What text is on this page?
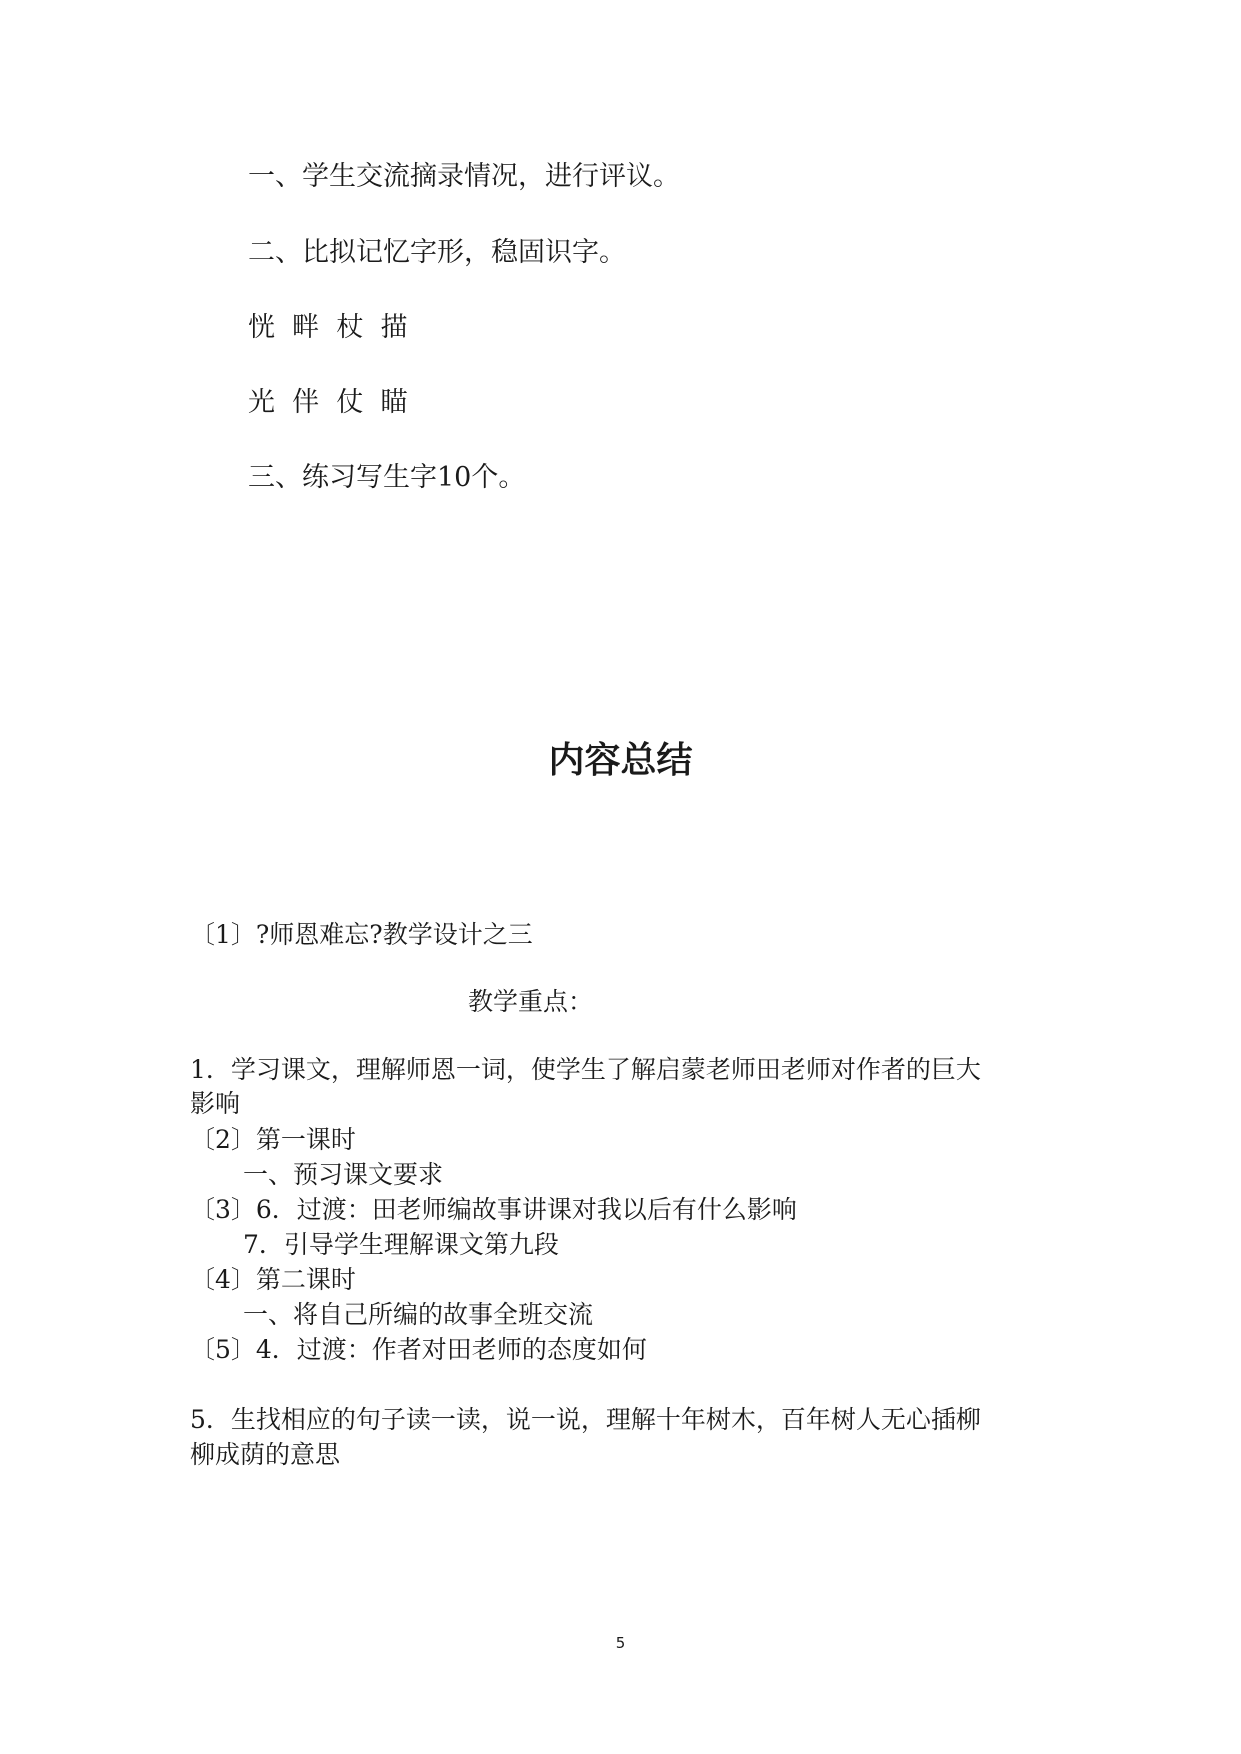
一、学生交流摘录情况，进行评议。
二、比拟记忆字形，稳固识字。
恍  畔  杖  描
光  伴  仗  瞄
三、练习写生字10个。
内容总结
〔1〕?师恩难忘?教学设计之三
教学重点：
1．学习课文，理解师恩一词，使学生了解启蒙老师田老师对作者的巨大
影响
〔2〕第一课时
一、预习课文要求
〔3〕6．过渡：田老师编故事讲课对我以后有什么影响
7．引导学生理解课文第九段
〔4〕第二课时
一、将自己所编的故事全班交流
〔5〕4．过渡：作者对田老师的态度如何
5．生找相应的句子读一读，说一说，理解十年树木，百年树人无心插柳
柳成荫的意思
5
